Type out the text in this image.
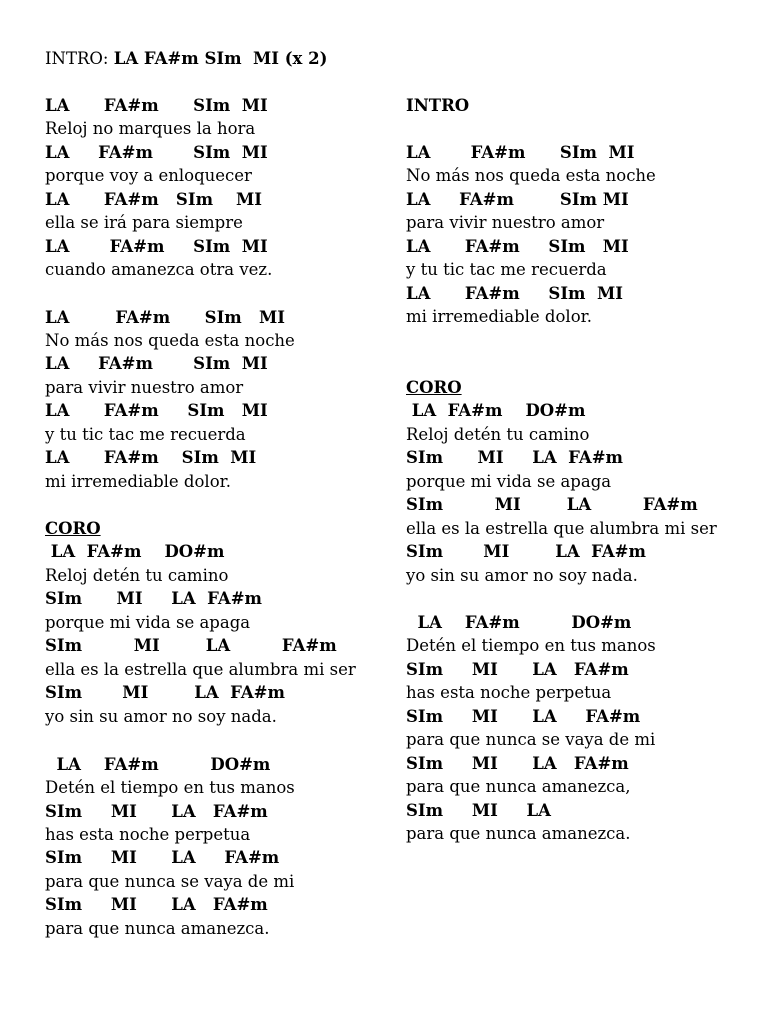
INTRO: LA FA#m SIm  MI (x 2)
LA      FA#m      SIm  MI
Reloj no marques la hora
LA     FA#m       SIm  MI
porque voy a enloquecer
LA      FA#m   SIm    MI
ella se irá para siempre
LA       FA#m     SIm  MI
cuando amanezca otra vez.
LA        FA#m      SIm   MI
No más nos queda esta noche
LA     FA#m       SIm  MI
para vivir nuestro amor
LA      FA#m     SIm   MI
y tu tic tac me recuerda
LA      FA#m    SIm  MI
mi irremediable dolor.
CORO
LA  FA#m    DO#m
Reloj detén tu camino
SIm      MI     LA  FA#m
porque mi vida se apaga
SIm         MI        LA         FA#m
ella es la estrella que alumbra mi ser
SIm       MI        LA  FA#m
yo sin su amor no soy nada.
LA    FA#m         DO#m
Detén el tiempo en tus manos
SIm     MI      LA   FA#m
has esta noche perpetua
SIm     MI      LA     FA#m
para que nunca se vaya de mi
SIm     MI      LA   FA#m
para que nunca amanezca.
INTRO
LA       FA#m      SIm  MI
No más nos queda esta noche
LA     FA#m        SIm MI
para vivir nuestro amor
LA      FA#m     SIm   MI
y tu tic tac me recuerda
LA      FA#m     SIm  MI
mi irremediable dolor.
CORO
LA  FA#m    DO#m
Reloj detén tu camino
SIm      MI     LA  FA#m
porque mi vida se apaga
SIm         MI        LA         FA#m
ella es la estrella que alumbra mi ser
SIm       MI        LA  FA#m
yo sin su amor no soy nada.
LA    FA#m         DO#m
Detén el tiempo en tus manos
SIm     MI      LA   FA#m
has esta noche perpetua
SIm     MI      LA     FA#m
para que nunca se vaya de mi
SIm     MI      LA   FA#m
para que nunca amanezca,
SIm     MI     LA
para que nunca amanezca.
